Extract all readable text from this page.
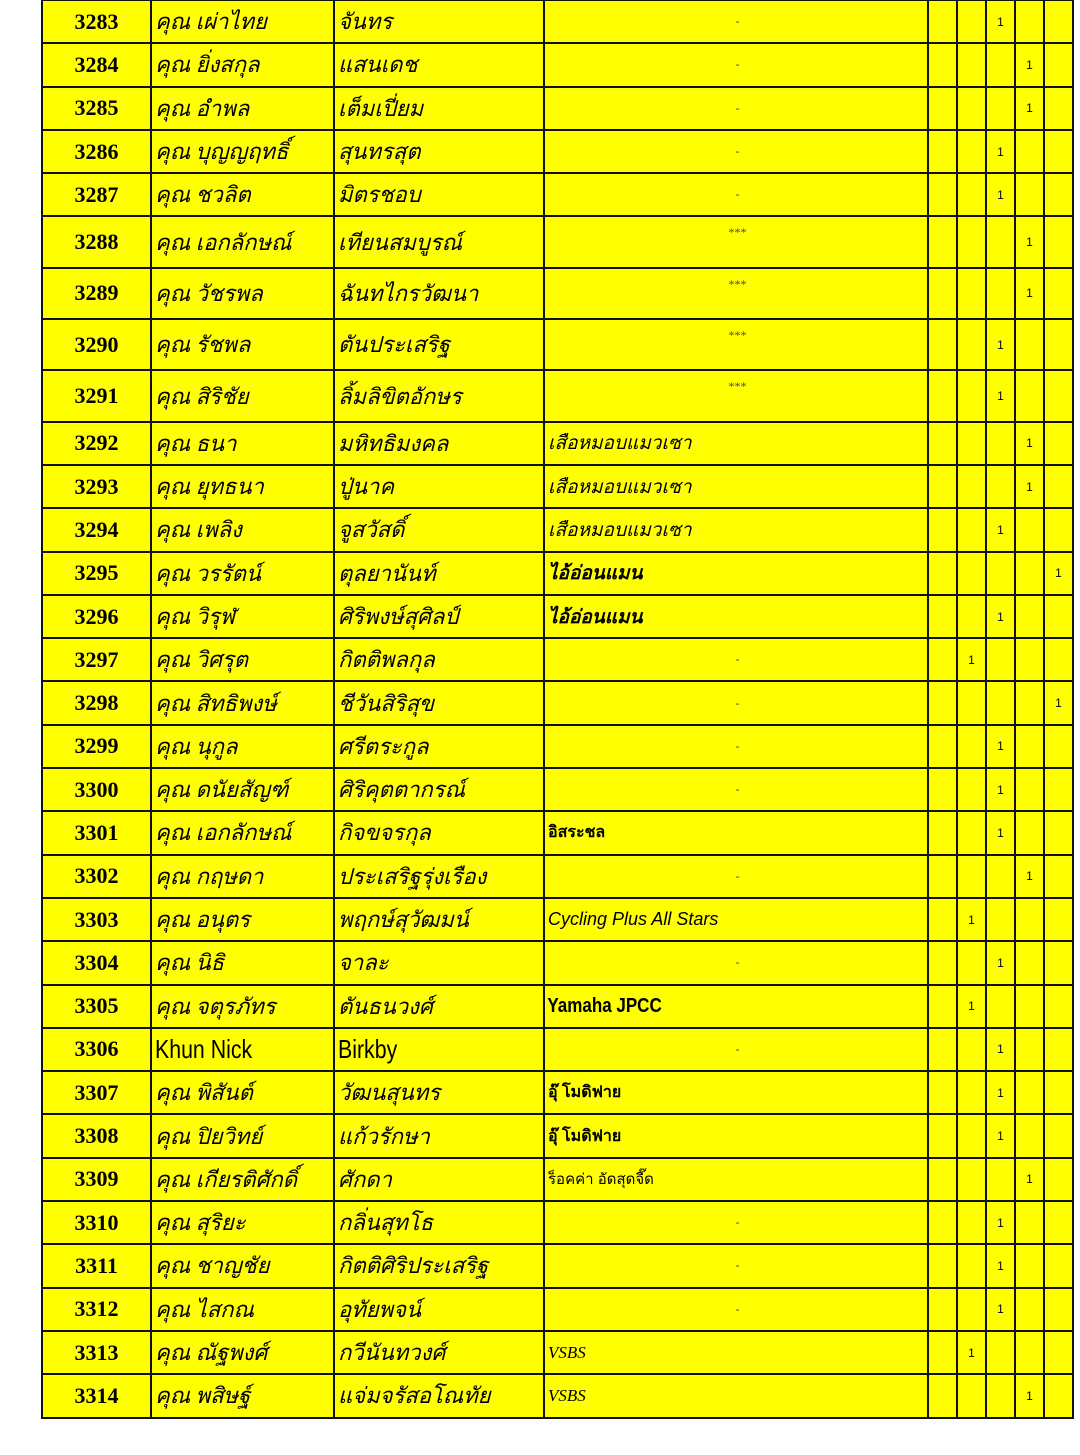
3283	คุณ เผ่าไทย	จันทร	-			1		
3284	คุณ ยิ่งสกุล	แสนเดช	-				1	
3285	คุณ อำพล	เต็มเปี่ยม	-				1	
3286	คุณ บุญญฤทธิ์	สุนทรสุต	-			1		
3287	คุณ ชวลิต	มิตรชอบ	-			1		
3288	คุณ เอกลักษณ์	เทียนสมบูรณ์	***				1	
3289	คุณ วัชรพล	ฉันทไกรวัฒนา	***				1	
3290	คุณ รัชพล	ตันประเสริฐ	***			1		
3291	คุณ สิริชัย	ลิ้มลิขิตอักษร	***			1		
3292	คุณ ธนา	มหิทธิมงคล	เสือหมอบแมวเซา				1	
3293	คุณ ยุทธนา	ปู่นาค	เสือหมอบแมวเซา				1	
3294	คุณ เพลิง	จูสวัสดิ์	เสือหมอบแมวเซา			1		
3295	คุณ วรรัตน์	ตุลยานันท์	ไอ้อ่อนแมน					1
3296	คุณ วิรุฬ	ศิริพงษ์สุศิลป์	ไอ้อ่อนแมน			1		
3297	คุณ วิศรุต	กิตติพลกุล	-		1			
3298	คุณ สิทธิพงษ์	ชีวันสิริสุข	-					1
3299	คุณ นุกูล	ศรีตระกูล	-			1		
3300	คุณ ดนัยสัญฑ์	ศิริคุตตากรณ์	-			1		
3301	คุณ เอกลักษณ์	กิจขจรกุล	อิสระชล			1		
3302	คุณ กฤษดา	ประเสริฐรุ่งเรือง	-				1	
3303	คุณ อนุตร	พฤกษ์สุวัฒมน์	Cycling Plus All Stars		1			
3304	คุณ นิธิ	จาละ	-			1		
3305	คุณ จตุรภัทร	ตันธนวงศ์	Yamaha JPCC		1			
3306	Khun Nick	Birkby	-			1		
3307	คุณ พิสันต์	วัฒนสุนทร	อุ๊ โมดิฟาย			1		
3308	คุณ ปิยวิทย์	แก้วรักษา	อุ๊ โมดิฟาย			1		
3309	คุณ เกียรติศักดิ์	ศักดา	ร็อคค่า อัดสุดจี๊ด				1	
3310	คุณ สุริยะ	กลิ่นสุทโธ	-			1		
3311	คุณ ชาญชัย	กิตติศิริประเสริฐ	-			1		
3312	คุณ ไสกณ	อุทัยพจน์	-			1		
3313	คุณ ณัฐพงศ์	กวีนันทวงศ์	VSBS		1			
3314	คุณ พสิษฐ์	แจ่มจรัสอโณทัย	VSBS				1	
